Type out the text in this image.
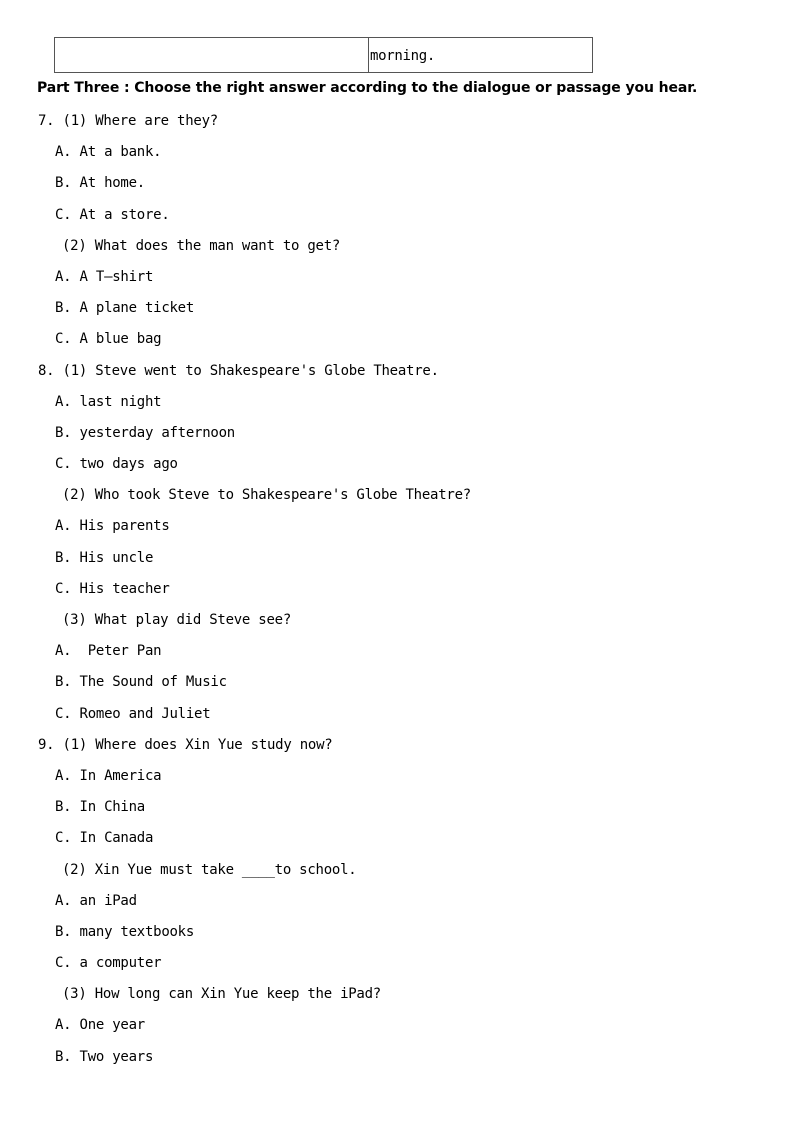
morning.
Part Three : Choose the right answer according to the dialogue or passage you hear.
7. (1) Where are they?
A. At a bank.
B. At home.
C. At a store.
(2) What does the man want to get?
A. A T–shirt
B. A plane ticket
C. A blue bag
8. (1) Steve went to Shakespeare's Globe Theatre.
A. last night
B. yesterday afternoon
C. two days ago
(2) Who took Steve to Shakespeare's Globe Theatre?
A. His parents
B. His uncle
C. His teacher
(3) What play did Steve see?
A.  Peter Pan
B. The Sound of Music
C. Romeo and Juliet
9. (1) Where does Xin Yue study now?
A. In America
B. In China
C. In Canada
(2) Xin Yue must take ____to school.
A. an iPad
B. many textbooks
C. a computer
(3) How long can Xin Yue keep the iPad?
A. One year
B. Two years
